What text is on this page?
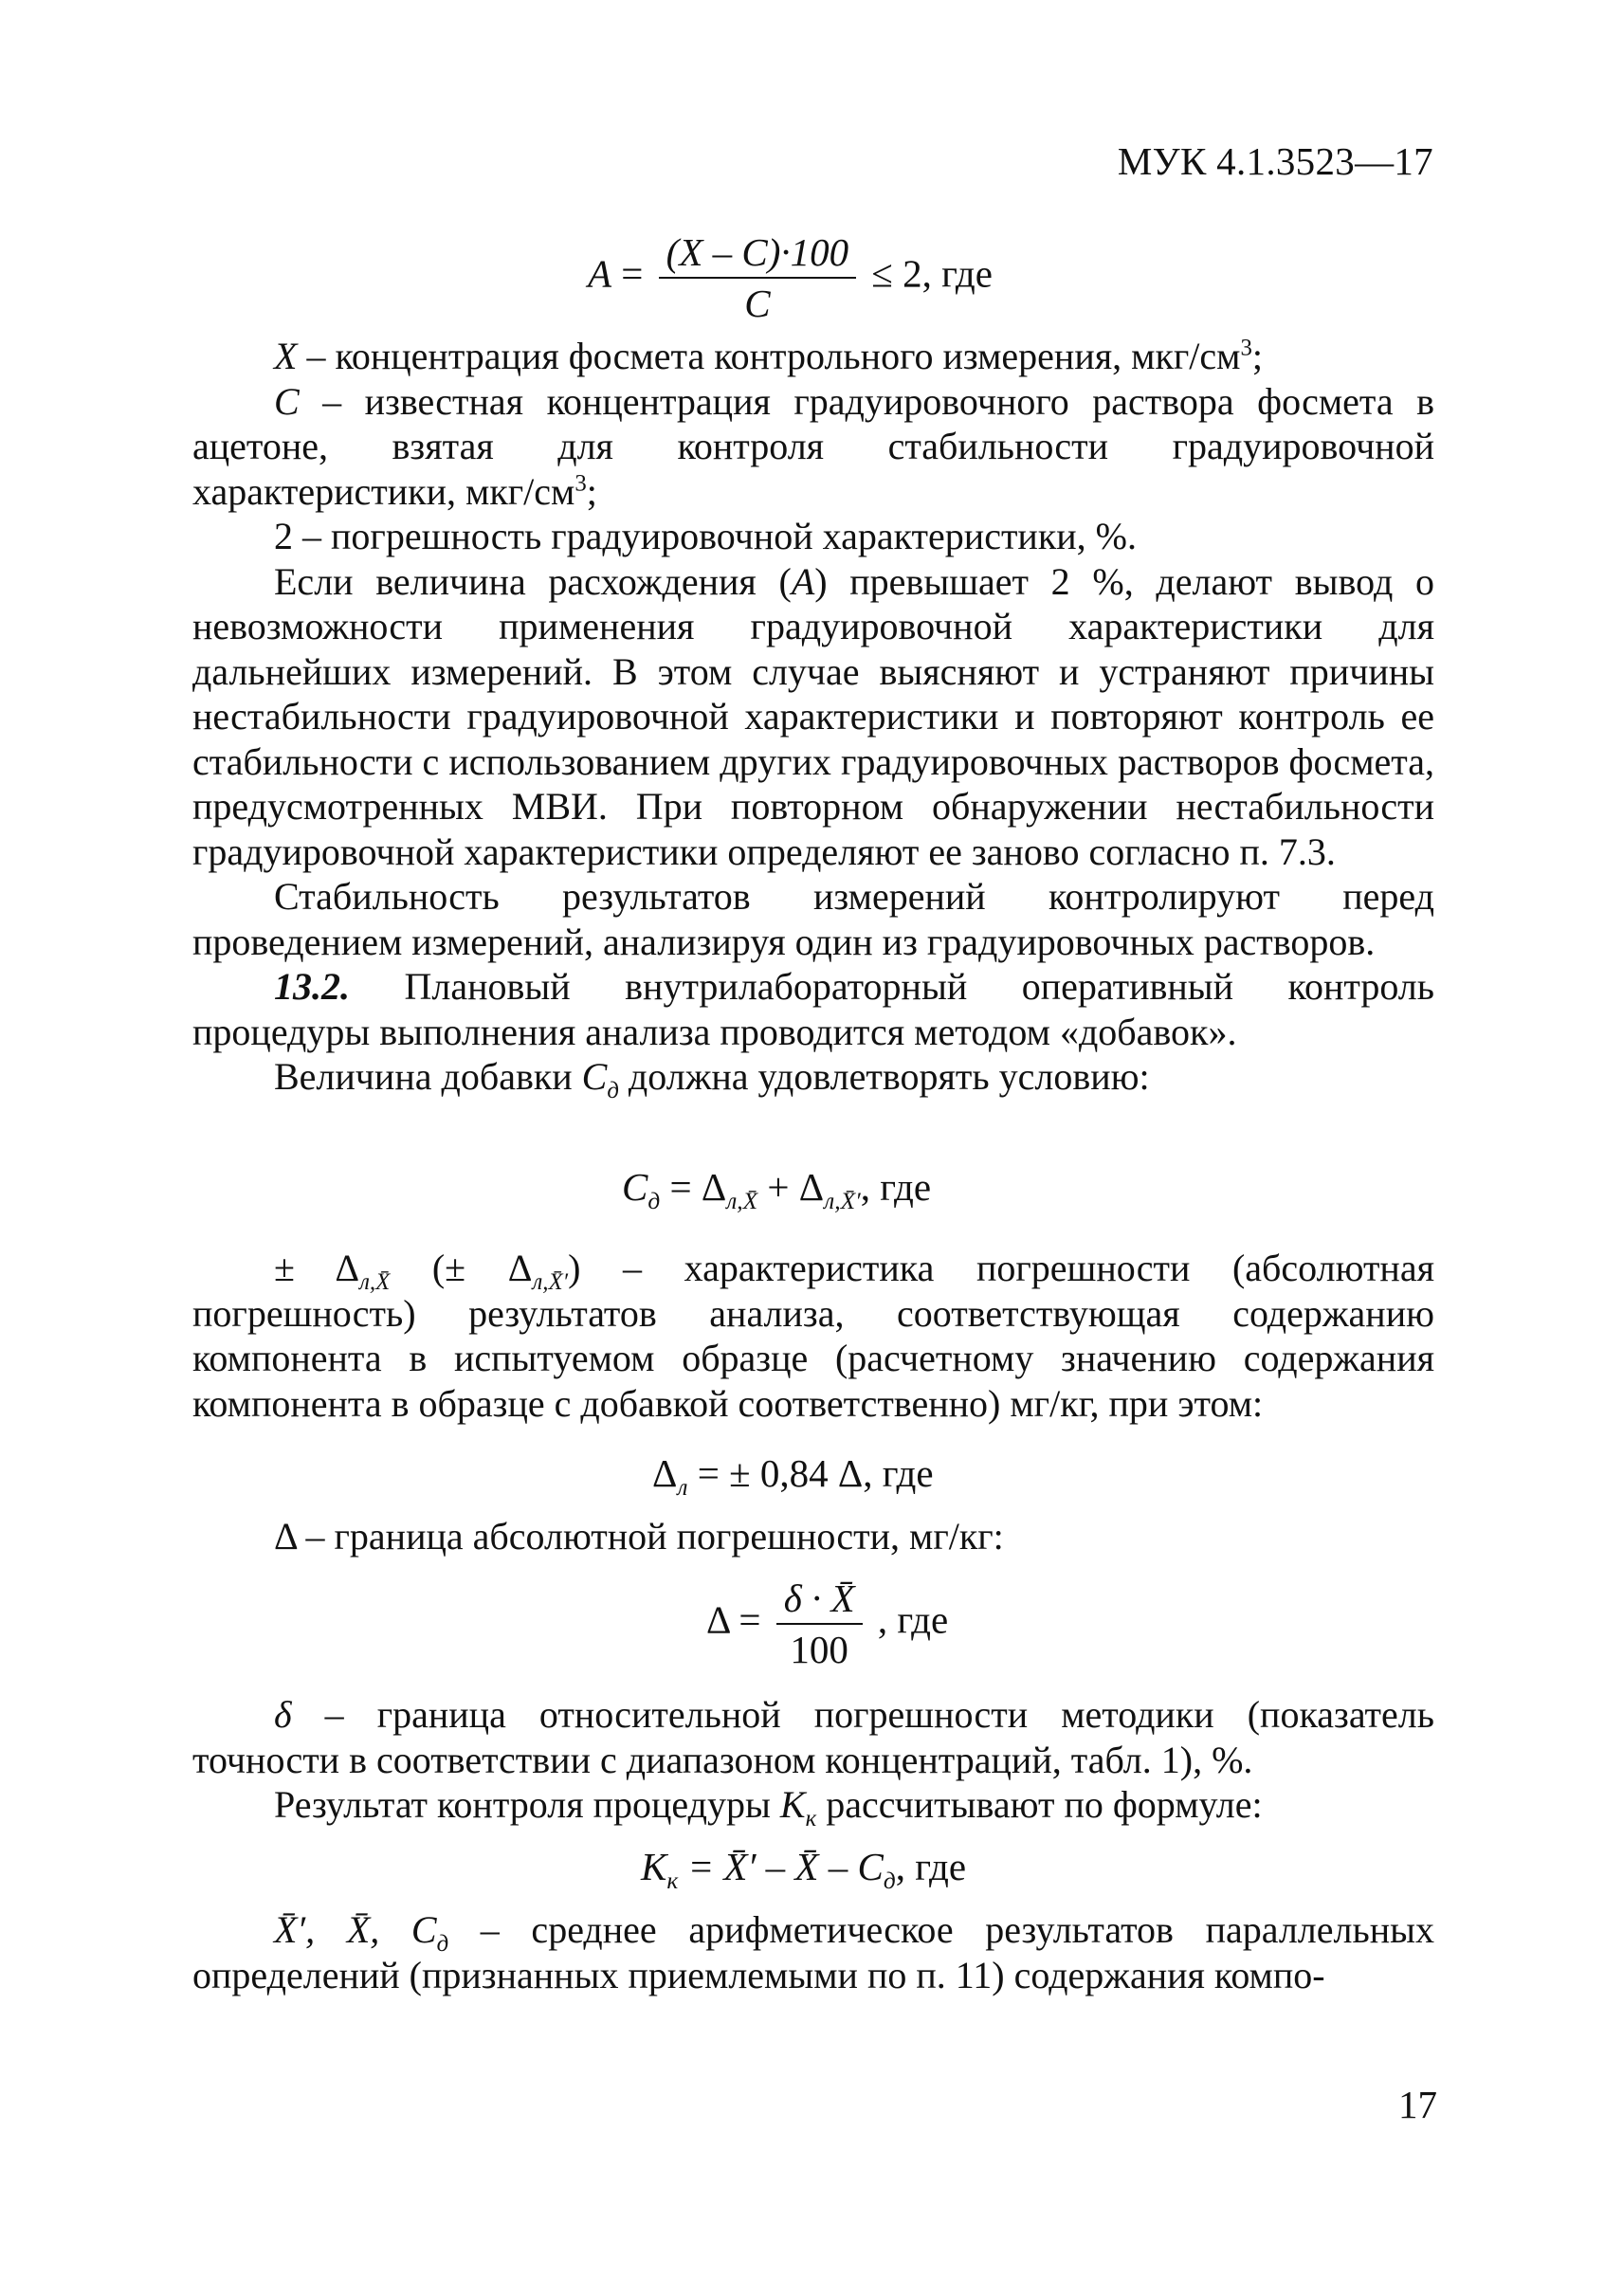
МУК 4.1.3523—17
$A = \frac{(X - C)\cdot 100}{C} \le 2$, где

X – концентрация фосмета контрольного измерения, мкг/$см^3$;

C – известная концентрация градуировочного раствора фосмета в ацетоне, взятая для контроля стабильности градуировочной характеристики, мкг/$см^3$;

2 – погрешность градуировочной характеристики, %.

Если величина расхождения (A) превышает 2 %, делают вывод о невозможности применения градуировочной характеристики для дальнейших измерений. В этом случае выясняют и устраняют причины нестабильности градуировочной характеристики и повторяют контроль ее стабильности с использованием других градуировочных растворов фосмета, предусмотренных МВИ. При повторном обнаружении нестабильности градуировочной характеристики определяют ее заново согласно п. 7.3.

Стабильность результатов измерений контролируют перед проведением измерений, анализируя один из градуировочных растворов.

13.2. Плановый внутрилабораторный оперативный контроль процедуры выполнения анализа проводится методом «добавок».

Величина добавки $C_д$ должна удовлетворять условию:

$C_д = \Delta_{л,X̄} + \Delta_{л,X̄'}$, где

± $\Delta_{л,X̄}$ (± $\Delta_{л,X̄'}$) – характеристика погрешности (абсолютная погрешность) результатов анализа, соответствующая содержанию компонента в испытуемом образце (расчетному значению содержания компонента в образце с добавкой соответственно) мг/кг, при этом:

$\Delta_л$ = ± 0,84 Δ, где

Δ – граница абсолютной погрешности, мг/кг:

$\Delta = \frac{\delta \cdot X̄}{100}$ , где

δ – граница относительной погрешности методики (показатель точности в соответствии с диапазоном концентраций, табл. 1), %.

Результат контроля процедуры $K_к$ рассчитывают по формуле:

$K_к$ = X̄′ – X̄ – $C_д$, где

X̄′, X̄, $C_д$ – среднее арифметическое результатов параллельных определений (признанных приемлемыми по п. 11) содержания компо-

17
